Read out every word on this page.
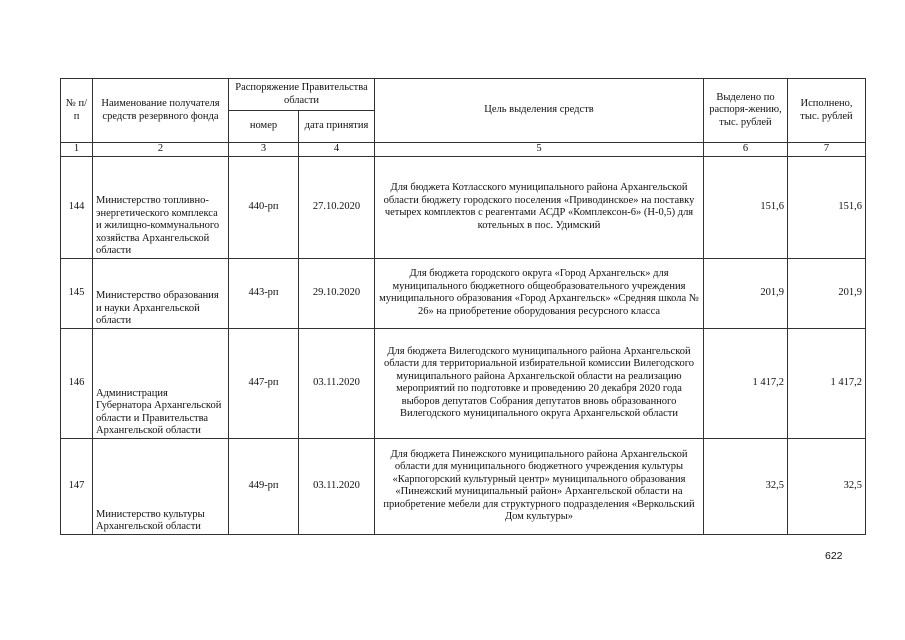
№ п/п	Наименование получателя средств резервного фонда	Распоряжение Правительства области		Цель выделения средств	Выделено по распоря-жению, тыс. рублей	Исполнено, тыс. рублей
		номер	дата принятия			
1	2	3	4	5	6	7
144	Министерство топливно-энергетического комплекса и жилищно-коммунального хозяйства Архангельской области	440-рп	27.10.2020	Для бюджета Котласского муниципального района Архангельской области бюджету городского поселения «Приводинское» на поставку четырех комплектов с реагентами АСДР «Комплексон-6» (Н-0,5) для котельных в пос. Удимский	151,6	151,6
145	Министерство образования и науки Архангельской области	443-рп	29.10.2020	Для бюджета городского округа «Город Архангельск» для муниципального бюджетного общеобразовательного учреждения муниципального образования «Город Архангельск» «Средняя школа № 26» на приобретение оборудования ресурсного класса	201,9	201,9
146	Администрация Губернатора Архангельской области и Правительства Архангельской области	447-рп	03.11.2020	Для бюджета Вилегодского муниципального района Архангельской области для территориальной избирательной комиссии Вилегодского муниципального района Архангельской области на реализацию мероприятий по подготовке и проведению 20 декабря 2020 года выборов депутатов Собрания депутатов вновь образованного Вилегодского муниципального округа Архангельской области	1 417,2	1 417,2
147	Министерство культуры Архангельской области	449-рп	03.11.2020	Для бюджета Пинежского муниципального района Архангельской области для муниципального бюджетного учреждения культуры «Карпогорский культурный центр» муниципального образования «Пинежский муниципальный район» Архангельской области на приобретение мебели для структурного подразделения «Веркольский Дом культуры»	32,5	32,5
622
